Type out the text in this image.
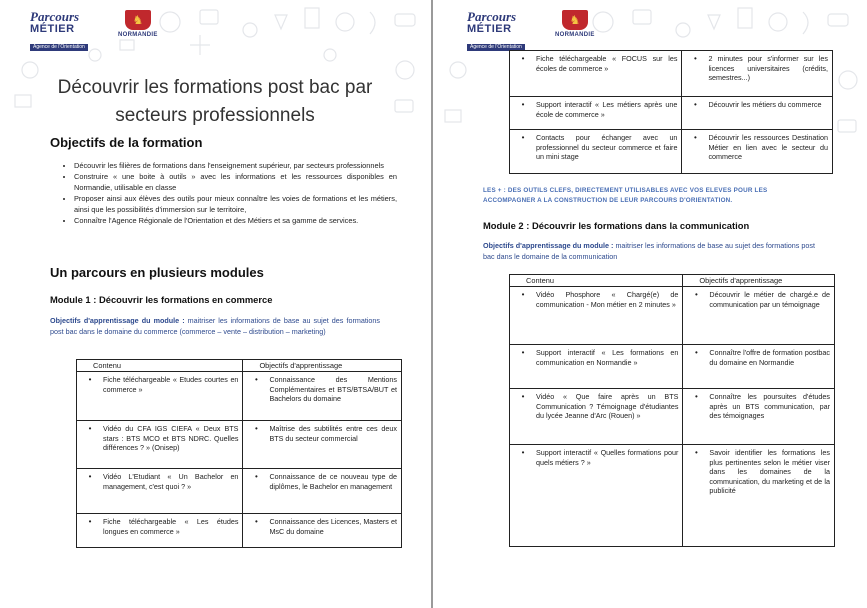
Parcours
MÉTIER
Agence de l'Orientation
♞
NORMANDIE
Découvrir les formations post bac par secteurs professionnels
Objectifs de la formation
• Découvrir les filières de formations dans l'enseignement supérieur, par secteurs professionnels
• Construire « une boite à outils » avec les informations et les ressources disponibles en Normandie, utilisable en classe
• Proposer ainsi aux élèves des outils pour mieux connaître les voies de formations et les métiers, ainsi que les possibilités d'immersion sur le territoire,
• Connaître l'Agence Régionale de l'Orientation et des Métiers et sa gamme de services.
Un parcours en plusieurs modules
Module 1 : Découvrir les formations en commerce
Objectifs d'apprentissage du module : maitriser les informations de base au sujet des formations post bac dans le domaine du commerce (commerce – vente – distribution – marketing)
Contenu	Objectifs d'apprentissage

• Fiche téléchargeable « Etudes courtes en commerce »	• Connaissance des Mentions Complémentaires et BTS/BTSA/BUT et Bachelors du domaine

• Vidéo du CFA IGS CIEFA « Deux BTS stars : BTS MCO et BTS NDRC. Quelles différences ? » (Onisep)	• Maîtrise des subtilités entre ces deux BTS du secteur commercial

• Vidéo L'Etudiant « Un Bachelor en management, c'est quoi ? »	• Connaissance de ce nouveau type de diplômes, le Bachelor en management

• Fiche téléchargeable « Les études longues en commerce »	• Connaissance des Licences, Masters et MsC du domaine
Parcours
MÉTIER
Agence de l'Orientation
♞
NORMANDIE
• Fiche téléchargeable « FOCUS sur les écoles de commerce »	• 2 minutes pour s'informer sur les licences universitaires (crédits, semestres...)

• Support interactif « Les métiers après une école de commerce »	• Découvrir les métiers du commerce

• Contacts pour échanger avec un professionnel du secteur commerce et faire un mini stage	• Découvrir les ressources Destination Métier en lien avec le secteur du commerce
LES + : DES OUTILS CLEFS, DIRECTEMENT UTILISABLES AVEC VOS ELEVES POUR LES ACCOMPAGNER A LA CONSTRUCTION DE LEUR PARCOURS D'ORIENTATION.
Module 2 : Découvrir les formations dans la communication
Objectifs d'apprentissage du module : maitriser les informations de base au sujet des formations post bac dans le domaine de la communication
Contenu	Objectifs d'apprentissage

• Vidéo Phosphore « Chargé(e) de communication - Mon métier en 2 minutes »	• Découvrir le métier de chargé.e de communication par un témoignage

• Support interactif « Les formations en communication en Normandie »	• Connaître l'offre de formation postbac du domaine en Normandie

• Vidéo « Que faire après un BTS Communication ? Témoignage d'étudiantes du lycée Jeanne d'Arc (Rouen) »	• Connaître les poursuites d'études après un BTS communication, par des témoignages

• Support interactif « Quelles formations pour quels métiers ? »	• Savoir identifier les formations les plus pertinentes selon le métier viser dans les domaines de la communication, du marketing et de la publicité
